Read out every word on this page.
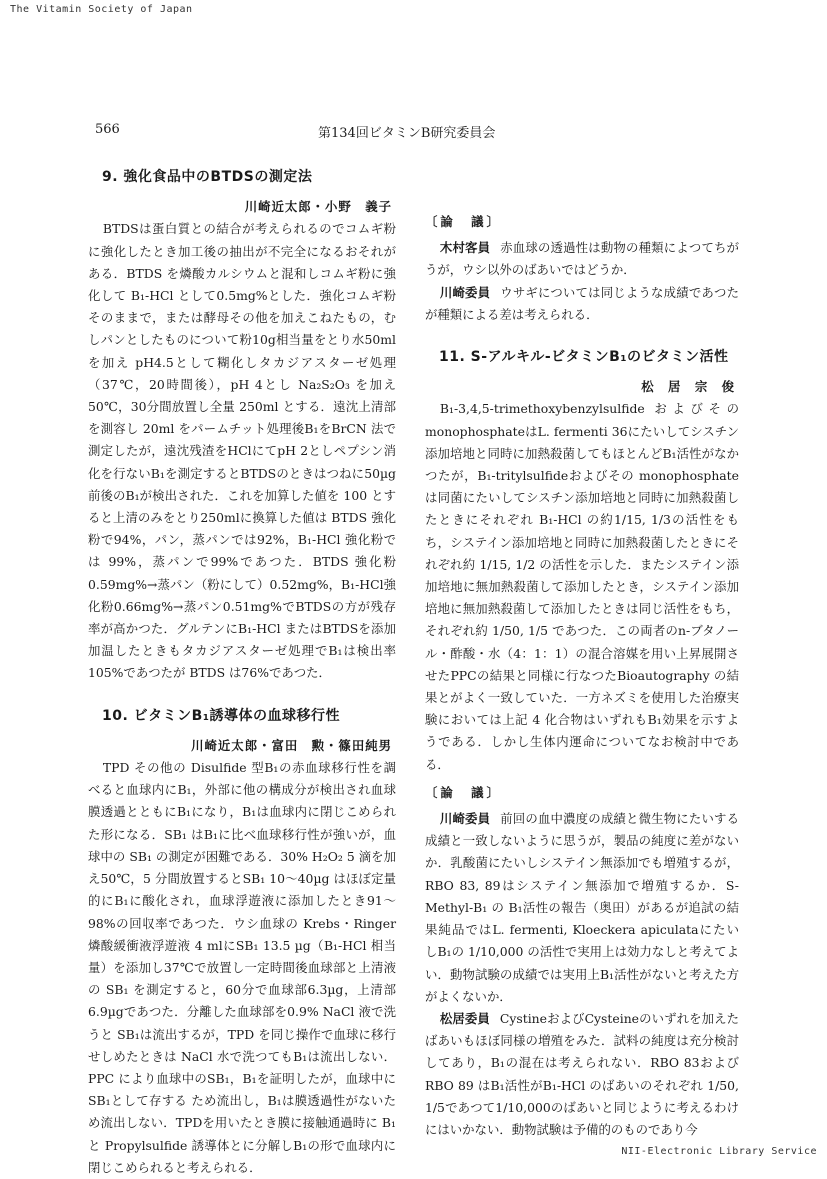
The Vitamin Society of Japan
566	第134回ビタミンB研究委員会
9. 強化食品中のBTDSの測定法
川崎近太郎・小野　義子

BTDSは蛋白質との結合が考えられるのでコムギ粉に強化したとき加工後の抽出が不完全になるおそれがある．BTDS を燐酸カルシウムと混和しコムギ粉に強化して B₁-HCl として0.5mg%とした．強化コムギ粉そのままで，または酵母その他を加えこねたもの，むしパンとしたものについて粉10g相当量をとり水50mlを加え pH4.5として糊化しタカジアスターゼ処理（37℃，20時間後），pH 4とし Na₂S₂O₃ を加え50℃，30分間放置し全量 250ml とする．遠沈上清部を測容し 20ml をパームチット処理後B₁をBrCN 法で測定したが，遠沈残渣をHClにてpH 2としペプシン消化を行ないB₁を測定するとBTDSのときはつねに50µg前後のB₁が検出された．これを加算した値を 100 とすると上清のみをとり250mlに換算した値は BTDS 強化粉で94%，パン，蒸パンでは92%，B₁-HCl 強化粉では 99%，蒸パンで99%であつた．BTDS 強化粉0.59mg%→蒸パン（粉にして）0.52mg%，B₁-HCl強化粉0.66mg%→蒸パン0.51mg%でBTDSの方が残存率が高かつた．グルテンにB₁-HCl またはBTDSを添加加温したときもタカジアスターゼ処理でB₁は検出率105%であつたが BTDS は76%であつた．

10. ビタミンB₁誘導体の血球移行性
川崎近太郎・富田　勲・篠田純男

TPD その他の Disulfide 型B₁の赤血球移行性を調べると血球内にB₁，外部に他の構成分が検出され血球膜透過とともにB₁になり，B₁は血球内に閉じこめられた形になる．SB₁ はB₁に比べ血球移行性が強いが，血球中の SB₁ の測定が困難である．30% H₂O₂ 5 滴を加え50℃，5 分間放置するとSB₁ 10〜40µg はほぼ定量的にB₁に酸化され，血球浮遊液に添加したとき91〜98%の回収率であつた．ウシ血球の Krebs・Ringer 燐酸緩衝液浮遊液 4 mlにSB₁ 13.5 µg（B₁-HCl 相当量）を添加し37℃で放置し一定時間後血球部と上清液の SB₁ を測定すると，60分で血球部6.3µg，上清部6.9µgであつた．分離した血球部を0.9% NaCl 液で洗うと SB₁は流出するが，TPD を同じ操作で血球に移行せしめたときは NaCl 水で洗つてもB₁は流出しない．PPC により血球中のSB₁，B₁を証明したが，血球中にSB₁として存する ため流出し，B₁は膜透過性がないため流出しない．TPDを用いたとき膜に接触通過時に B₁と Propylsulfide 誘導体とに分解しB₁の形で血球内に閉じこめられると考えられる．

〔論　議〕

木村客員 赤血球の透過性は動物の種類によつてちがうが，ウシ以外のばあいではどうか．

川崎委員 ウサギについては同じような成績であつたが種類による差は考えられる．

11. S-アルキル-ビタミンB₁のビタミン活性
松　居　宗　俊

B₁-3,4,5-trimethoxybenzylsulfide およびその monophosphateはL. fermenti 36にたいしてシスチン添加培地と同時に加熱殺菌してもほとんどB₁活性がなかつたが，B₁-tritylsulfideおよびその monophosphate は同菌にたいしてシスチン添加培地と同時に加熱殺菌したときにそれぞれ B₁-HCl の約1/15, 1/3の活性をもち，システイン添加培地と同時に加熱殺菌したときにそれぞれ約 1/15, 1/2 の活性を示した．またシステイン添加培地に無加熱殺菌して添加したとき，システイン添加培地に無加熱殺菌して添加したときは同じ活性をもち，それぞれ約 1/50, 1/5 であつた．この両者のn-ブタノール・酢酸・水（4：1：1）の混合溶媒を用い上昇展開させたPPCの結果と同様に行なつたBioautography の結果とがよく一致していた．一方ネズミを使用した治療実験においては上記 4 化合物はいずれもB₁効果を示すようである．しかし生体内運命についてなお検討中である．

〔論　議〕

川崎委員 前回の血中濃度の成績と微生物にたいする成績と一致しないように思うが，製品の純度に差がないか．乳酸菌にたいしシステイン無添加でも増殖するが，RBO 83, 89はシステイン無添加で増殖するか．S-Methyl-B₁ の B₁活性の報告（奥田）があるが追試の結果純品ではL. fermenti, Kloeckera apiculataにたいしB₁の 1/10,000 の活性で実用上は効力なしと考えてよい．動物試験の成績では実用上B₁活性がないと考えた方がよくないか．

松居委員 CystineおよびCysteineのいずれを加えたばあいもほぼ同様の増殖をみた．試料の純度は充分検討してあり，B₁の混在は考えられない．RBO 83およびRBO 89 はB₁活性がB₁-HCl のばあいのそれぞれ 1/50, 1/5であつて1/10,000のばあいと同じように考えるわけにはいかない．動物試験は予備的のものであり今

NII-Electronic Library Service
